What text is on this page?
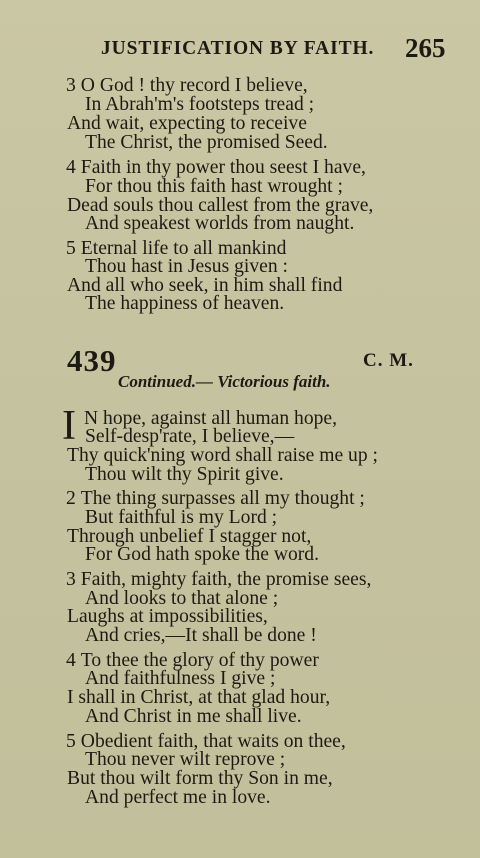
JUSTIFICATION BY FAITH. 265
3 O God ! thy record I believe,
In Abrah'm's footsteps tread ;
And wait, expecting to receive
The Christ, the promised Seed.
4 Faith in thy power thou seest I have,
For thou this faith hast wrought ;
Dead souls thou callest from the grave,
And speakest worlds from naught.
5 Eternal life to all mankind
Thou hast in Jesus given :
And all who seek, in him shall find
The happiness of heaven.
439	C. M.
Continued.— Victorious faith.
I N hope, against all human hope,
Self-desp'rate, I believe,—
Thy quick'ning word shall raise me up ;
Thou wilt thy Spirit give.
2 The thing surpasses all my thought ;
But faithful is my Lord ;
Through unbelief I stagger not,
For God hath spoke the word.
3 Faith, mighty faith, the promise sees,
And looks to that alone ;
Laughs at impossibilities,
And cries,—It shall be done !
4 To thee the glory of thy power
And faithfulness I give ;
I shall in Christ, at that glad hour,
And Christ in me shall live.
5 Obedient faith, that waits on thee,
Thou never wilt reprove ;
But thou wilt form thy Son in me,
And perfect me in love.
